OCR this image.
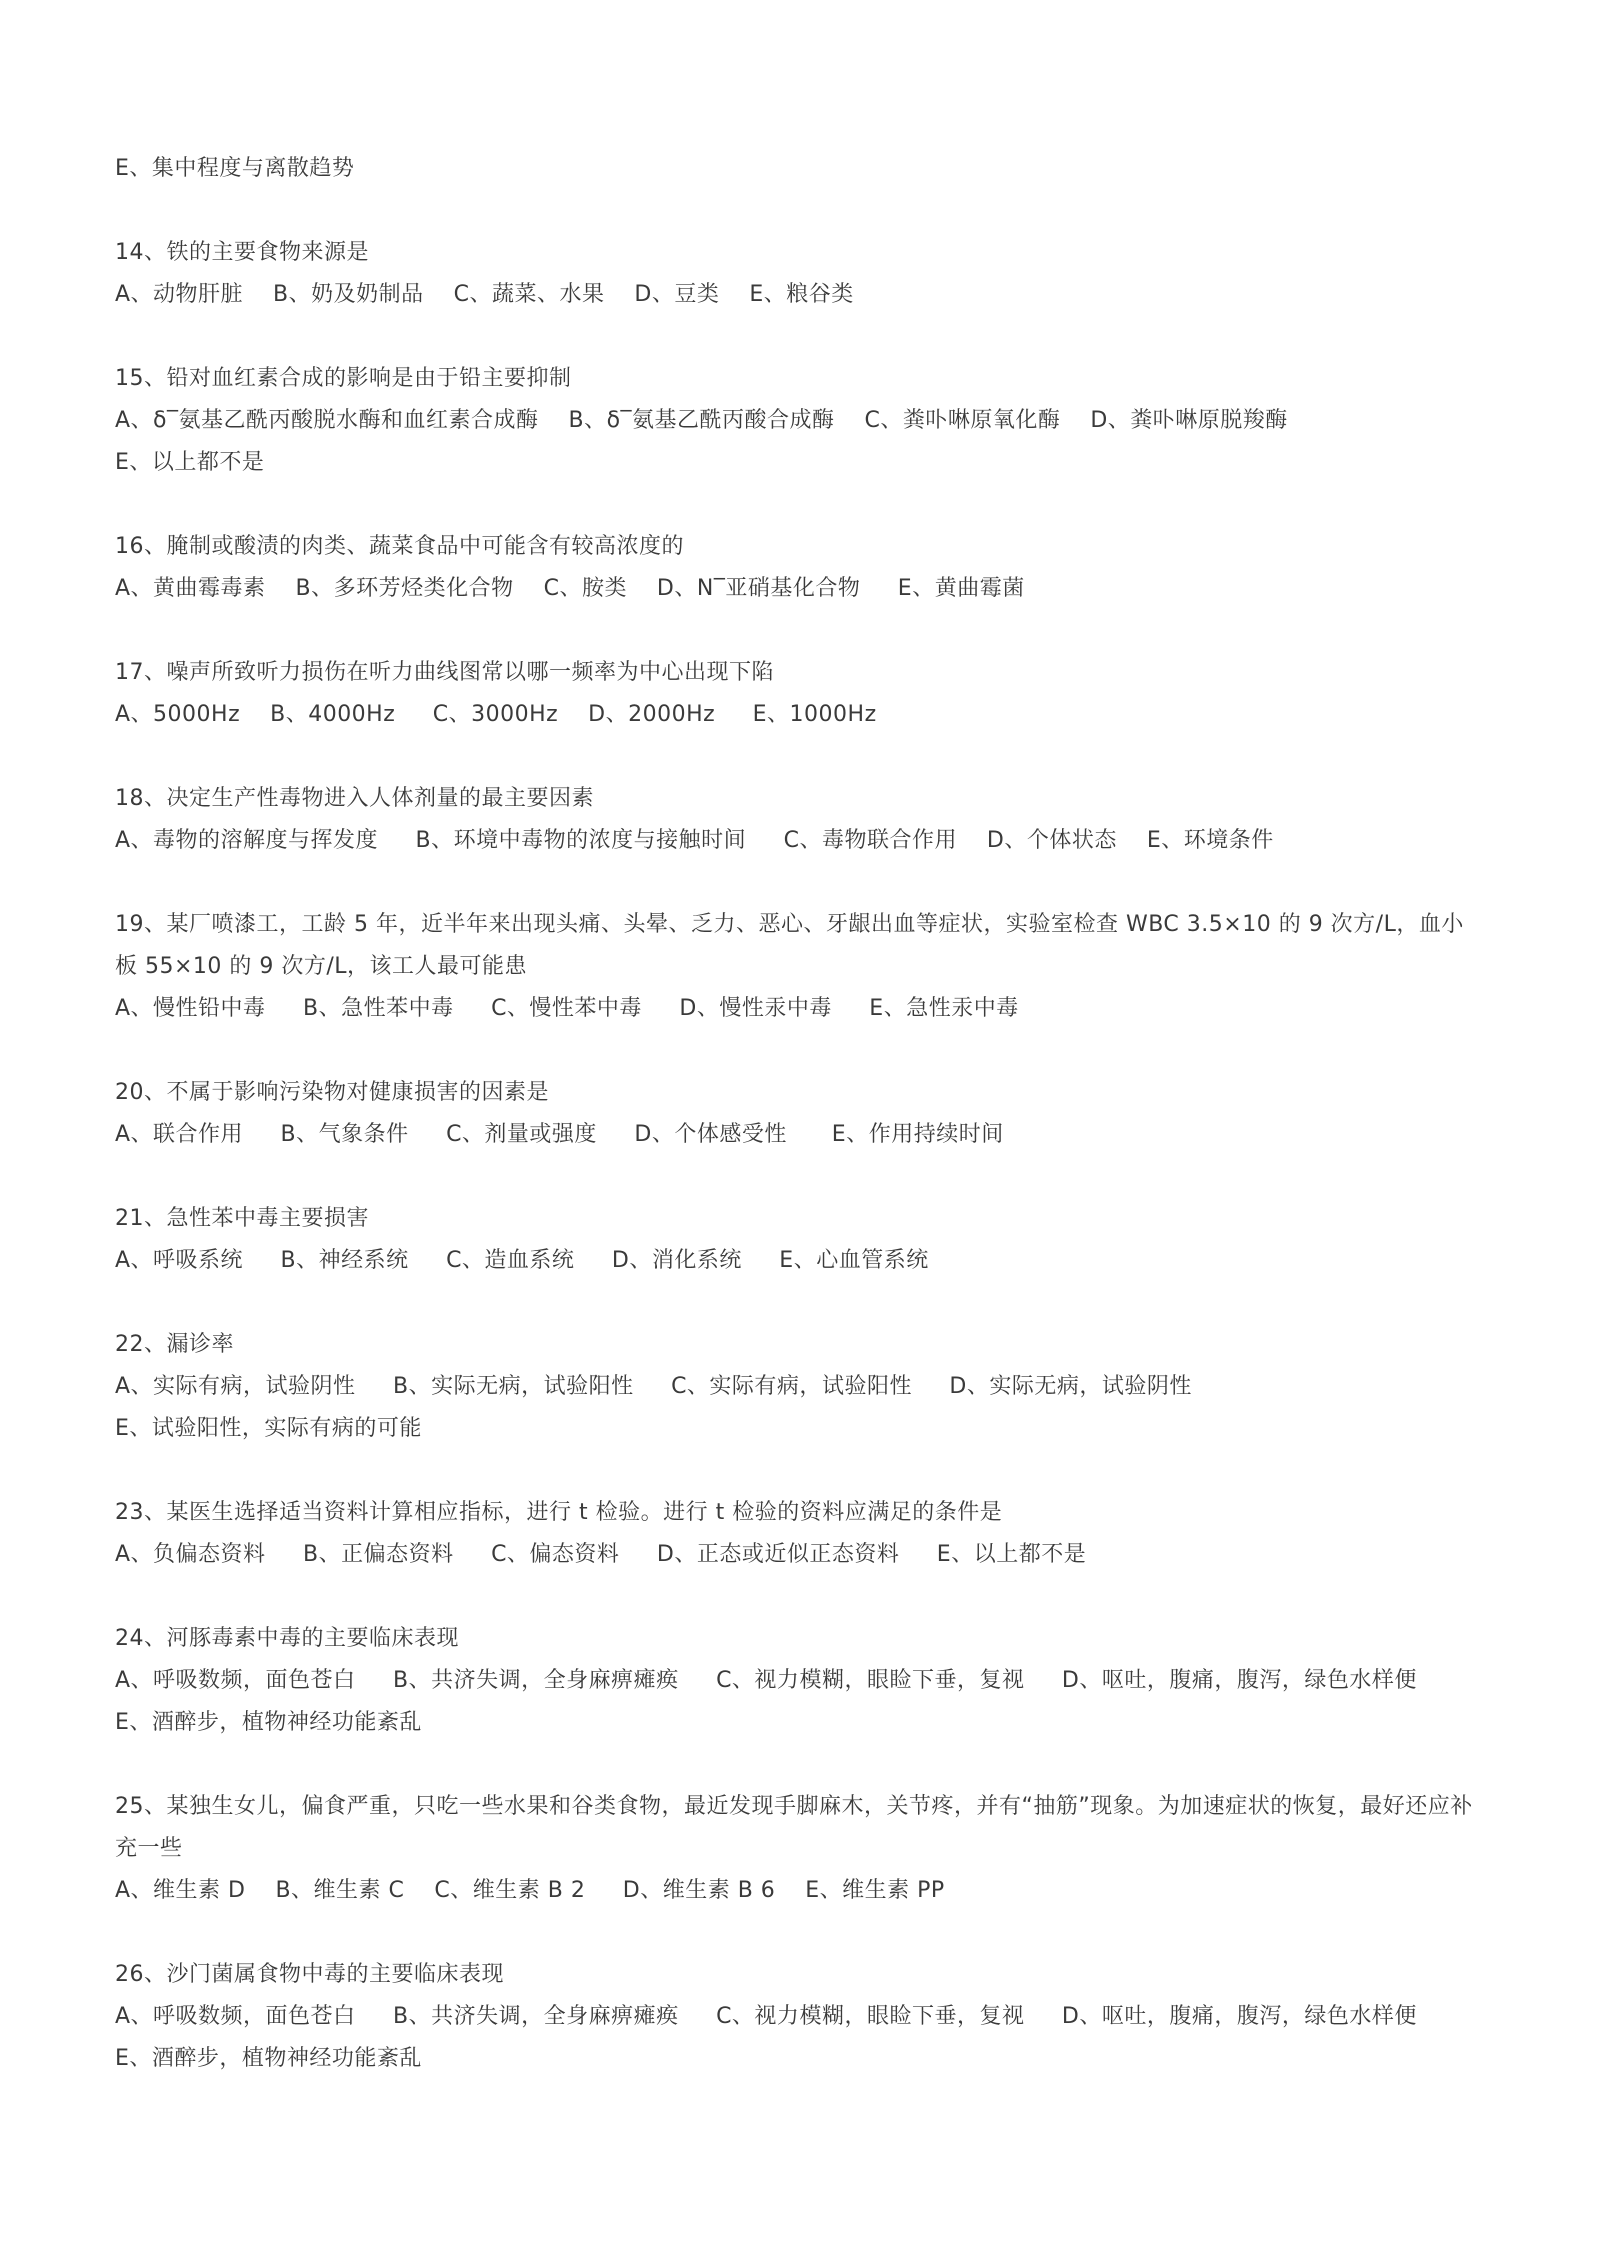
E、集中程度与离散趋势
14、铁的主要食物来源是
A、动物肝脏    B、奶及奶制品    C、蔬菜、水果    D、豆类    E、粮谷类
15、铅对血红素合成的影响是由于铅主要抑制
A、δ‾氨基乙酰丙酸脱水酶和血红素合成酶    B、δ‾氨基乙酰丙酸合成酶    C、粪卟啉原氧化酶    D、粪卟啉原脱羧酶
E、以上都不是
16、腌制或酸渍的肉类、蔬菜食品中可能含有较高浓度的
A、黄曲霉毒素    B、多环芳烃类化合物    C、胺类    D、N‾亚硝基化合物     E、黄曲霉菌
17、噪声所致听力损伤在听力曲线图常以哪一频率为中心出现下陷
A、5000Hz    B、4000Hz     C、3000Hz    D、2000Hz     E、1000Hz
18、决定生产性毒物进入人体剂量的最主要因素
A、毒物的溶解度与挥发度     B、环境中毒物的浓度与接触时间     C、毒物联合作用    D、个体状态    E、环境条件
19、某厂喷漆工，工龄 5 年，近半年来出现头痛、头晕、乏力、恶心、牙龈出血等症状，实验室检查 WBC 3.5×10 的 9 次方/L，血小板 55×10 的 9 次方/L，该工人最可能患
A、慢性铅中毒     B、急性苯中毒     C、慢性苯中毒     D、慢性汞中毒     E、急性汞中毒
20、不属于影响污染物对健康损害的因素是
A、联合作用     B、气象条件     C、剂量或强度     D、个体感受性      E、作用持续时间
21、急性苯中毒主要损害
A、呼吸系统     B、神经系统     C、造血系统     D、消化系统     E、心血管系统
22、漏诊率
A、实际有病，试验阴性     B、实际无病，试验阳性     C、实际有病，试验阳性     D、实际无病，试验阴性
E、试验阳性，实际有病的可能
23、某医生选择适当资料计算相应指标，进行 t 检验。进行 t 检验的资料应满足的条件是
A、负偏态资料     B、正偏态资料     C、偏态资料     D、正态或近似正态资料     E、以上都不是
24、河豚毒素中毒的主要临床表现
A、呼吸数频，面色苍白     B、共济失调，全身麻痹瘫痪     C、视力模糊，眼睑下垂，复视     D、呕吐，腹痛，腹泻，绿色水样便
E、酒醉步，植物神经功能紊乱
25、某独生女儿，偏食严重，只吃一些水果和谷类食物，最近发现手脚麻木，关节疼，并有“抽筋”现象。为加速症状的恢复，最好还应补充一些
A、维生素 D    B、维生素 C    C、维生素 B 2     D、维生素 B 6    E、维生素 PP
26、沙门菌属食物中毒的主要临床表现
A、呼吸数频，面色苍白     B、共济失调，全身麻痹瘫痪     C、视力模糊，眼睑下垂，复视     D、呕吐，腹痛，腹泻，绿色水样便
E、酒醉步，植物神经功能紊乱
